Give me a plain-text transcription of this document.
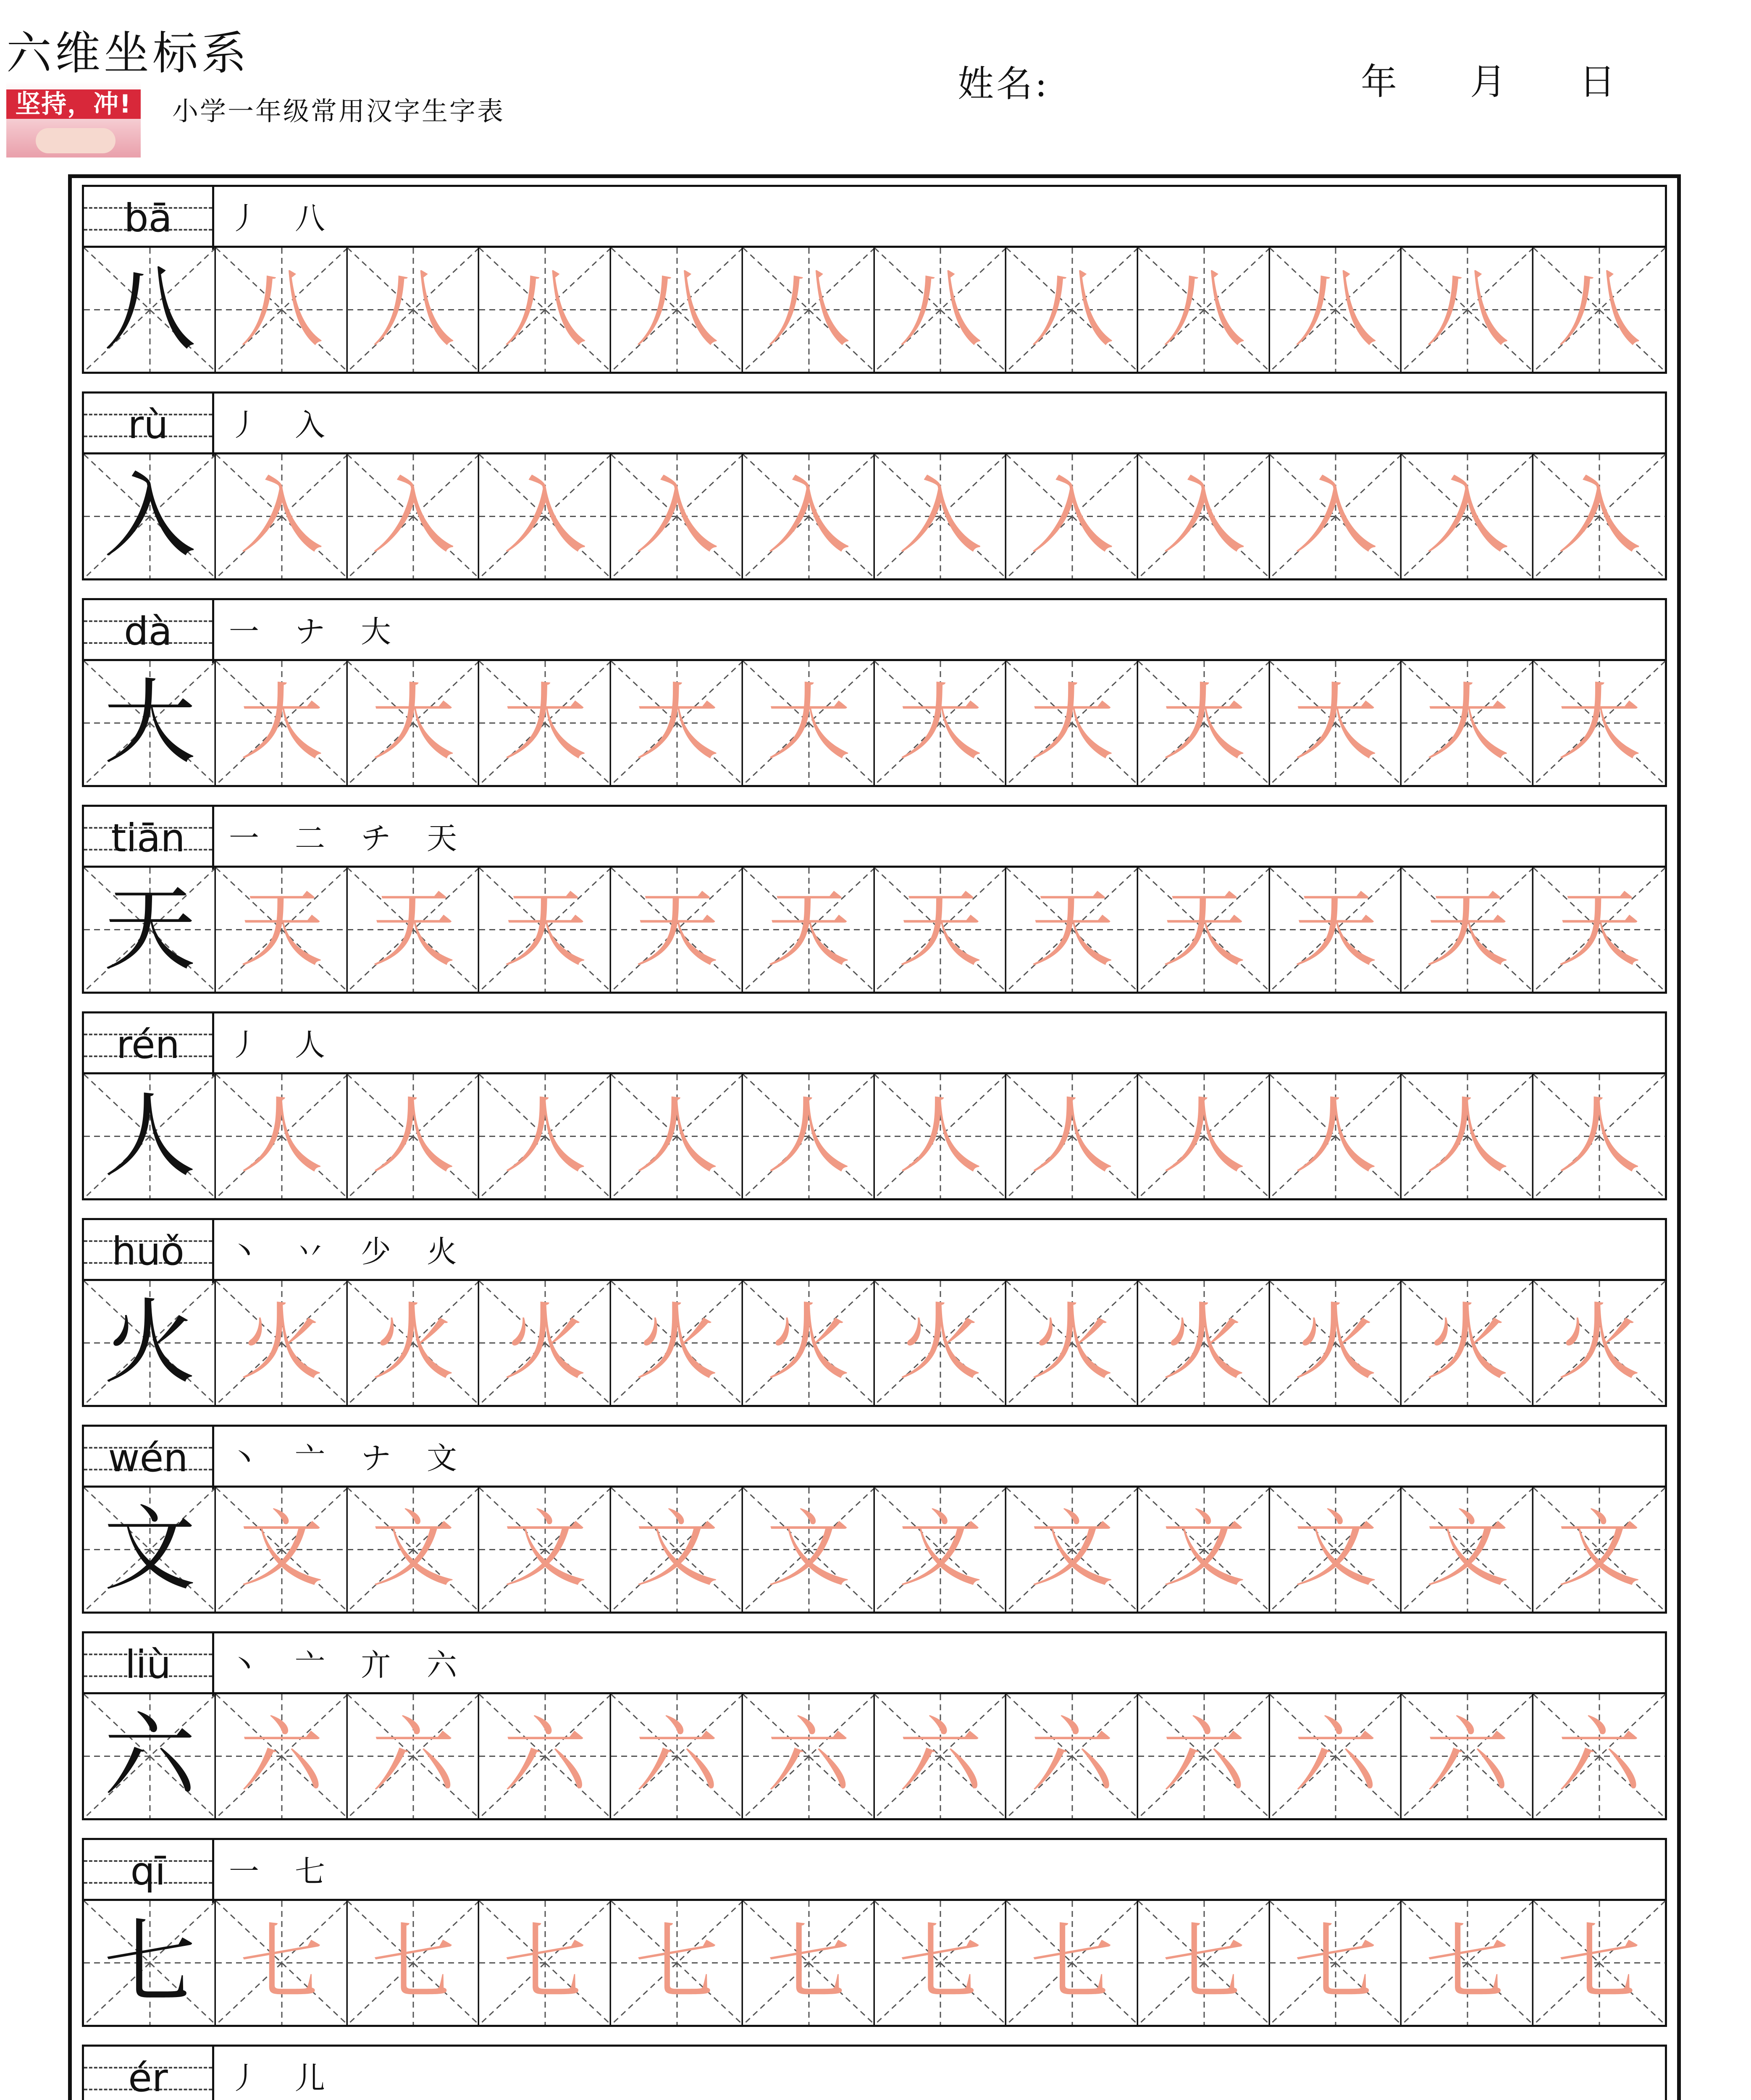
六维坐标系
坚持，冲!	小学一年级常用汉字生字表
姓名:	年 月 日
bā	丿 八
八 八 八 八 八 八 八 八 八 八 八 八
rù	丿 入
入 入 入 入 入 入 入 入 入 入 入 入
dà	一 ナ 大
大 大 大 大 大 大 大 大 大 大 大 大
tiān	一 二 チ 天
天 天 天 天 天 天 天 天 天 天 天 天
rén	丿 人
人 人 人 人 人 人 人 人 人 人 人 人
huǒ	丶 丷 少 火
火 火 火 火 火 火 火 火 火 火 火 火
wén	丶 亠 ナ 文
文 文 文 文 文 文 文 文 文 文 文 文
liù	丶 亠 亣 六
六 六 六 六 六 六 六 六 六 六 六 六
qī	一 七
七 七 七 七 七 七 七 七 七 七 七 七
ér	丿 儿
